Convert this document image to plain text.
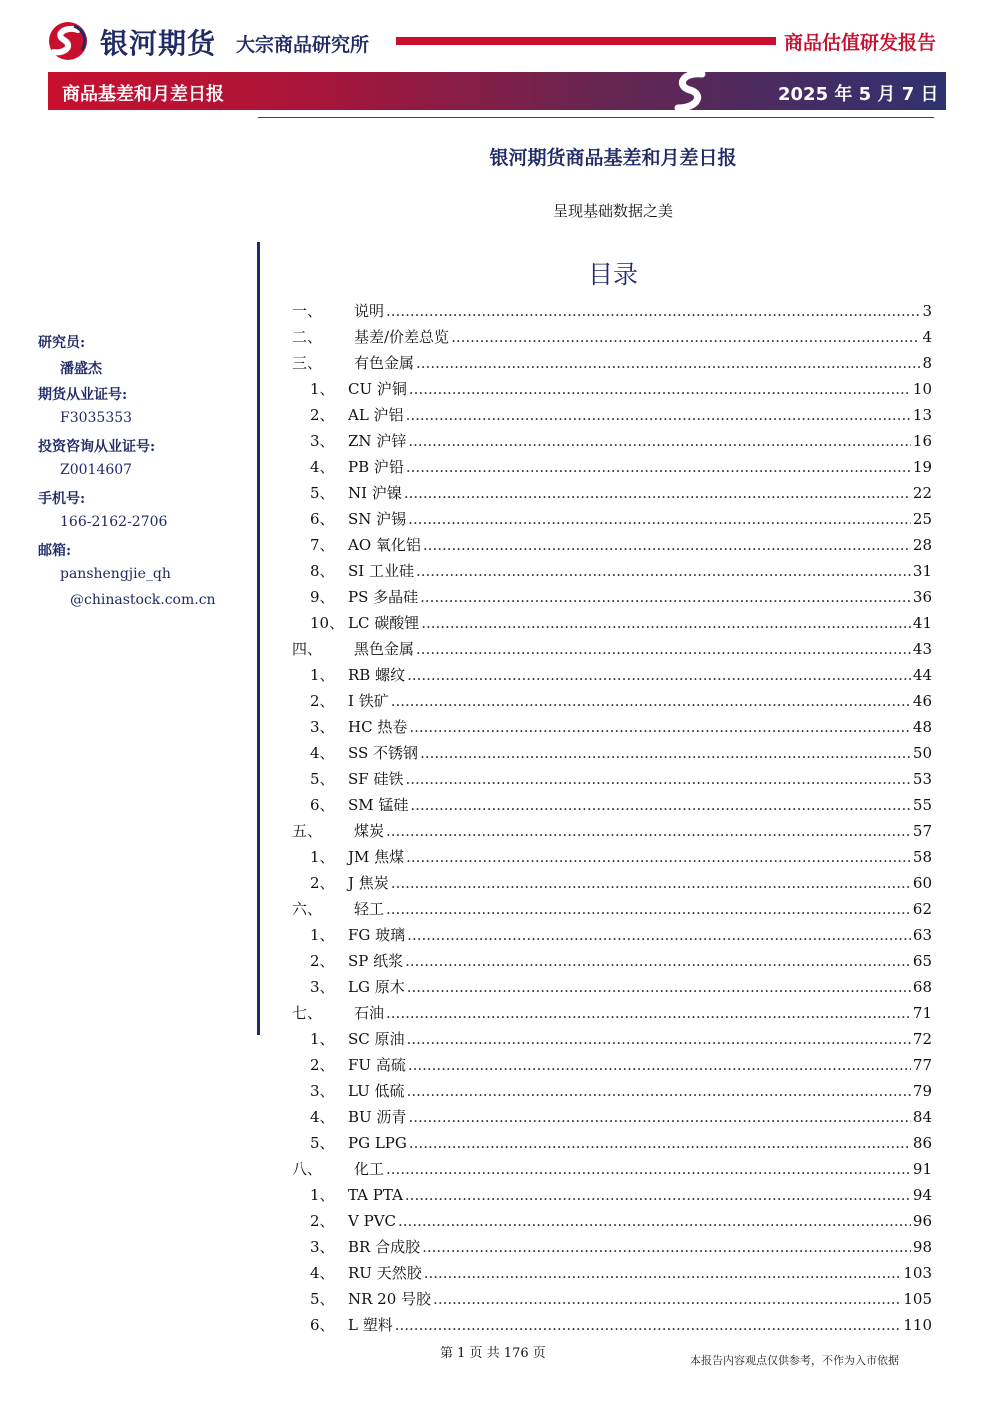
银河期货 大宗商品研究所	商品估值研发报告
商品基差和月差日报	2025 年 5 月 7 日
银河期货商品基差和月差日报
呈现基础数据之美
目录
研究员:
潘盛杰
期货从业证号:
F3035353
投资咨询从业证号:
Z0014607
手机号:
166-2162-2706
邮箱:
panshengjie_qh
@chinastock.com.cn
一、	说明 .....	3
二、	基差/价差总览 .....	4
三、	有色金属 .....	8
1、 CU 沪铜 .....	10
2、 AL 沪铝 .....	13
3、 ZN 沪锌 .....	16
4、 PB 沪铅 .....	19
5、 NI 沪镍 .....	22
6、 SN 沪锡 .....	25
7、 AO 氧化铝 .....	28
8、 SI 工业硅 .....	31
9、 PS 多晶硅 .....	36
10、 LC 碳酸锂 .....	41
四、	黑色金属 .....	43
1、 RB 螺纹 .....	44
2、 I 铁矿 .....	46
3、 HC 热卷 .....	48
4、 SS 不锈钢 .....	50
5、 SF 硅铁 .....	53
6、 SM 锰硅 .....	55
五、	煤炭 .....	57
1、 JM 焦煤 .....	58
2、 J 焦炭 .....	60
六、	轻工 .....	62
1、 FG 玻璃 .....	63
2、 SP 纸浆 .....	65
3、 LG 原木 .....	68
七、	石油 .....	71
1、 SC 原油 .....	72
2、 FU 高硫 .....	77
3、 LU 低硫 .....	79
4、 BU 沥青 .....	84
5、 PG LPG .....	86
八、	化工 .....	91
1、 TA PTA .....	94
2、 V PVC .....	96
3、 BR 合成胶 .....	98
4、 RU 天然胶 .....	103
5、 NR 20 号胶 .....	105
6、 L 塑料 .....	110
第 1 页 共 176 页	本报告内容观点仅供参考，不作为入市依据
